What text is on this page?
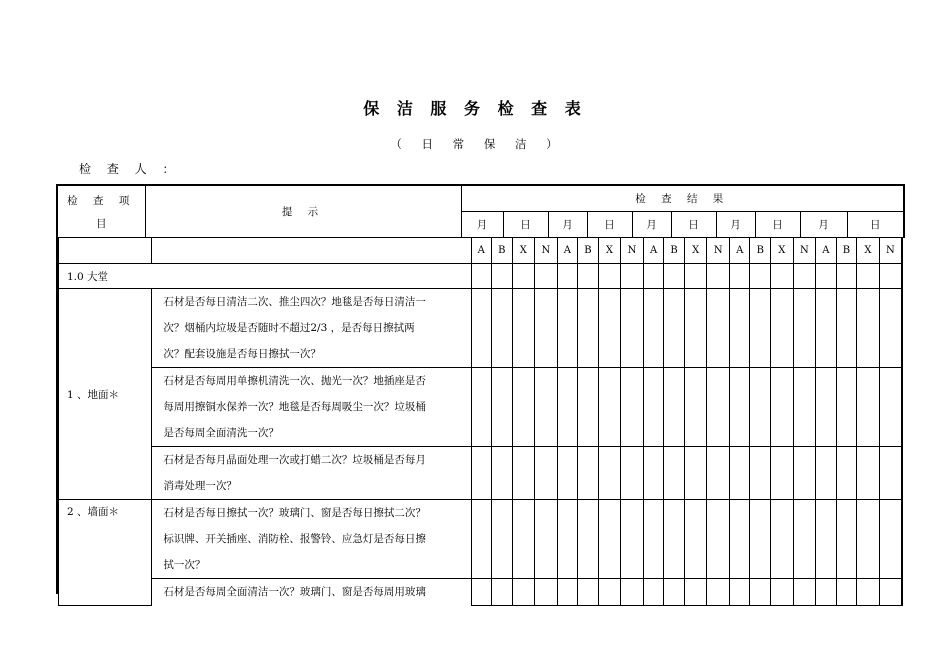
保 洁 服 务 检 查 表
（ 日 常 保 洁 ）
检 查 人 ：
检 查 项
目	提 示	检 查 结 果									
		月	日	月	日	月	日	月	日	月	日
		A	B	X	N	A	B	X	N	A	B	X	N	A	B	X	N	A	B	X	N
1.0 大堂																					
1 、地面＊	石材是否每日清洁二次、推尘四次？地毯是否每日清洁一
次？烟桶内垃圾是否随时不超过2/3 ，是否每日擦拭两
次？配套设施是否每日擦拭一次？																				

	石材是否每周用单擦机清洗一次、抛光一次？地插座是否
每周用擦铜水保养一次？地毯是否每周吸尘一次？垃圾桶
是否每周全面清洗一次？																				

	石材是否每月晶面处理一次或打蜡二次？垃圾桶是否每月
消毒处理一次？																				

2 、墙面＊	石材是否每日擦拭一次？玻璃门、窗是否每日擦拭二次？
标识牌、开关插座、消防栓、报警铃、应急灯是否每日擦
拭一次？																				

	石材是否每周全面清洁一次？玻璃门、窗是否每周用玻璃																				
